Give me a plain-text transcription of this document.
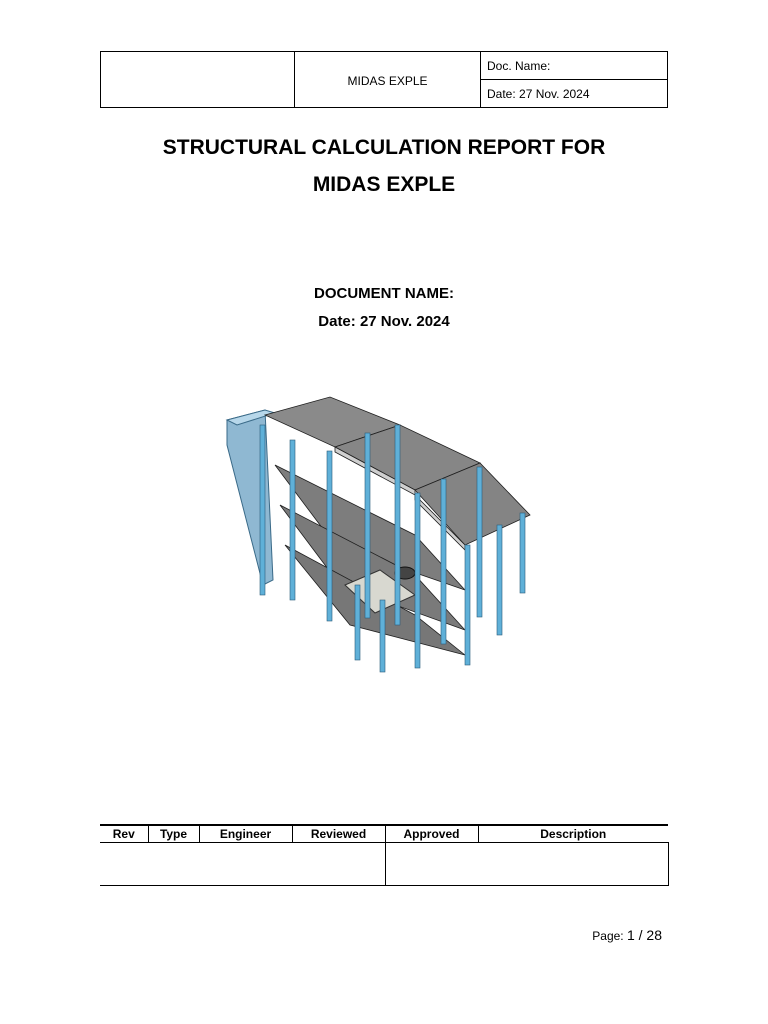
	MIDAS EXPLE	Doc. Name:
Date: 27 Nov. 2024
STRUCTURAL CALCULATION REPORT FOR
MIDAS EXPLE
DOCUMENT NAME:
Date: 27 Nov. 2024
Rev	Type	Engineer	Reviewed	Approved	Description

Page: 1 / 28
